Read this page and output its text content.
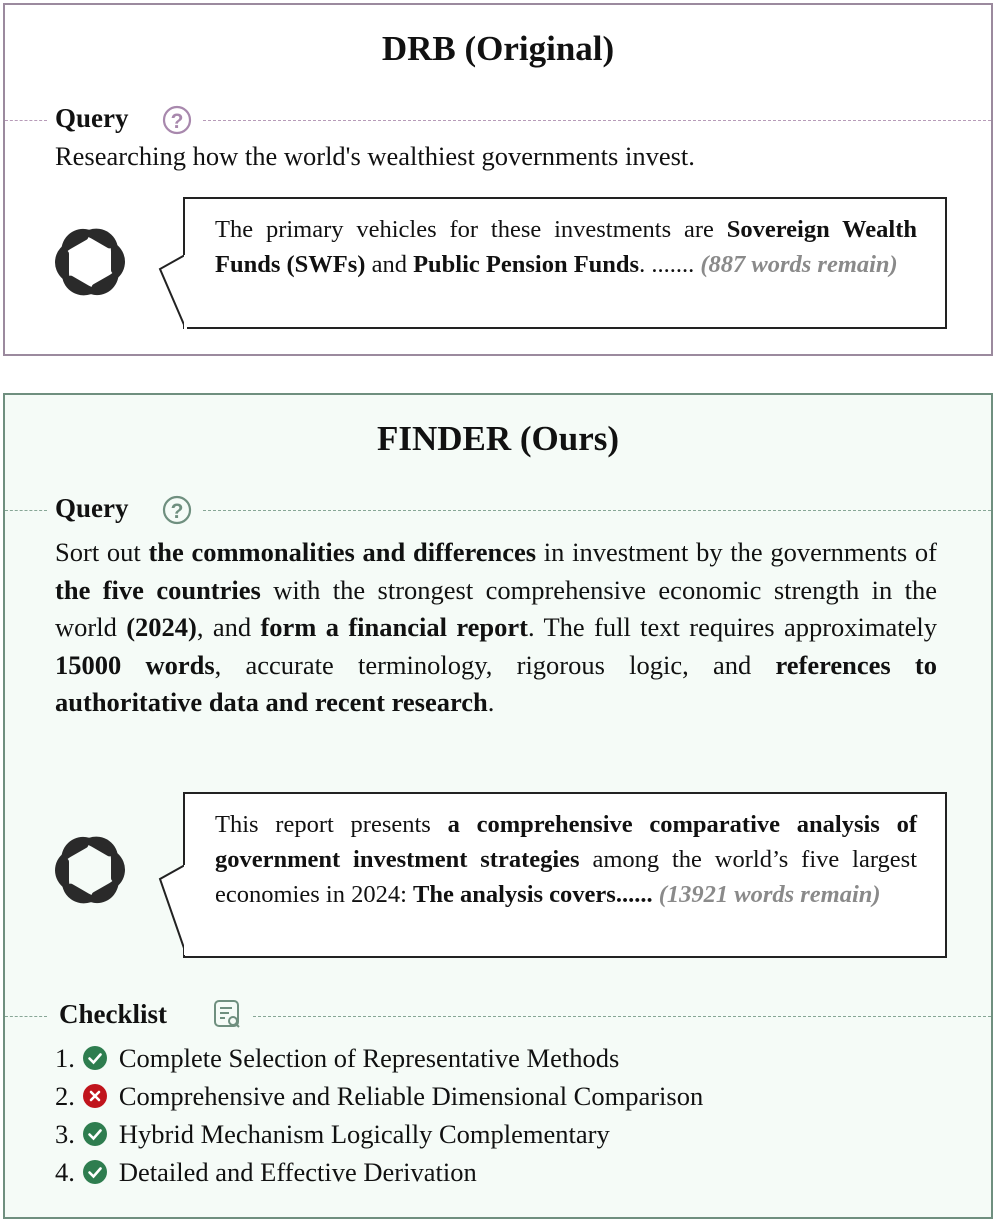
DRB (Original)
Query ?
Researching how the world's wealthiest governments invest.
The primary vehicles for these investments are Sovereign Wealth Funds (SWFs) and Public Pension Funds. ....... (887 words remain)
FINDER (Ours)
Query ?
Sort out the commonalities and differences in investment by the governments of the five countries with the strongest comprehensive economic strength in the world (2024), and form a financial report. The full text requires approximately 15000 words, accurate terminology, rigorous logic, and references to authoritative data and recent research.
This report presents a comprehensive comparative analysis of government investment strategies among the world’s five largest economies in 2024: The analysis covers...... (13921 words remain)
Checklist
1. Complete Selection of Representative Methods
2. Comprehensive and Reliable Dimensional Comparison
3. Hybrid Mechanism Logically Complementary
4. Detailed and Effective Derivation
